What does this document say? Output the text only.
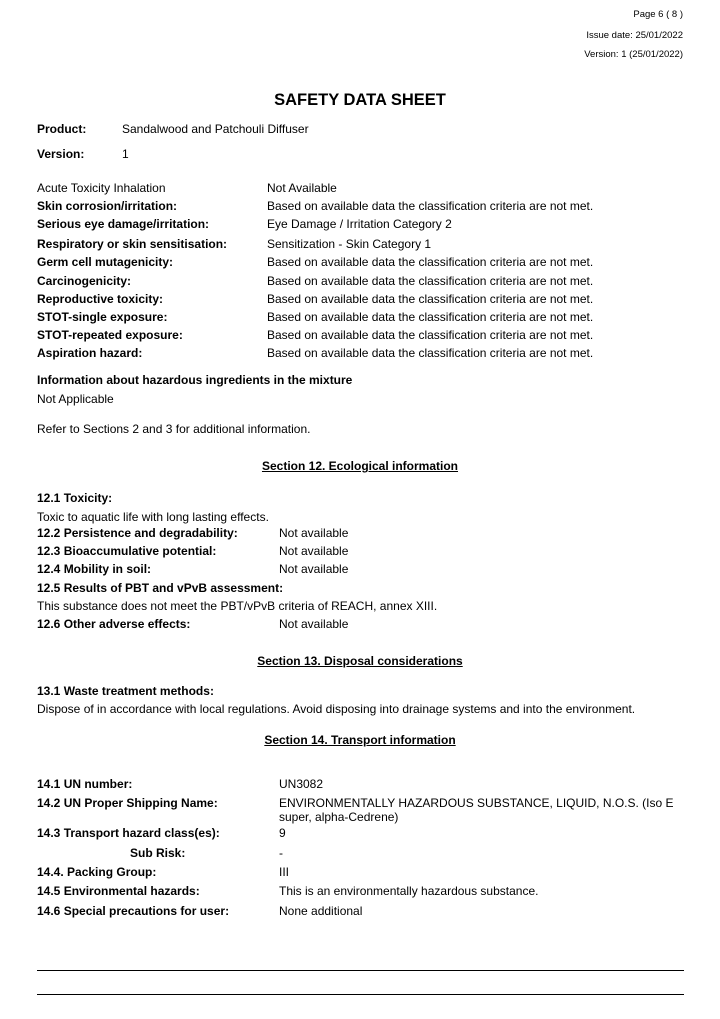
Page 6 ( 8 )
Issue date: 25/01/2022
Version: 1 (25/01/2022)
SAFETY DATA SHEET
Product:	Sandalwood and Patchouli Diffuser
Version:	1
Acute Toxicity Inhalation	Not Available
Skin corrosion/irritation:	Based on available data the classification criteria are not met.
Serious eye damage/irritation:	Eye Damage / Irritation Category 2
Respiratory or skin sensitisation:	Sensitization - Skin Category 1
Germ cell mutagenicity:	Based on available data the classification criteria are not met.
Carcinogenicity:	Based on available data the classification criteria are not met.
Reproductive toxicity:	Based on available data the classification criteria are not met.
STOT-single exposure:	Based on available data the classification criteria are not met.
STOT-repeated exposure:	Based on available data the classification criteria are not met.
Aspiration hazard:	Based on available data the classification criteria are not met.
Information about hazardous ingredients in the mixture
Not Applicable
Refer to Sections 2 and 3 for additional information.
Section 12. Ecological information
12.1 Toxicity:
Toxic to aquatic life with long lasting effects.
12.2 Persistence and degradability:	Not available
12.3 Bioaccumulative potential:	Not available
12.4 Mobility in soil:	Not available
12.5 Results of PBT and vPvB assessment:
This substance does not meet the PBT/vPvB criteria of REACH, annex XIII.
12.6 Other adverse effects:	Not available
Section 13. Disposal considerations
13.1 Waste treatment methods:
Dispose of in accordance with local regulations. Avoid disposing into drainage systems and into the environment.
Section 14. Transport information
14.1 UN number:	UN3082
14.2 UN Proper Shipping Name:	ENVIRONMENTALLY HAZARDOUS SUBSTANCE, LIQUID, N.O.S. (Iso E
super, alpha-Cedrene)
14.3 Transport hazard class(es):	9
Sub Risk:	-
14.4. Packing Group:	III
14.5 Environmental hazards:	This is an environmentally hazardous substance.
14.6 Special precautions for user:	None additional
